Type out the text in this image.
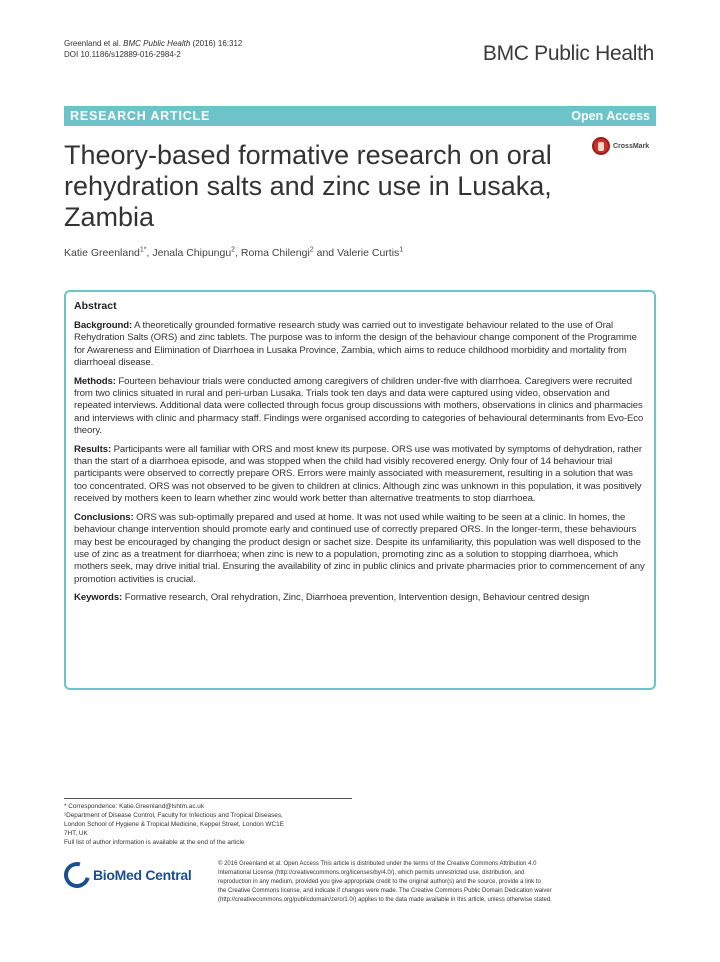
Greenland et al. BMC Public Health (2016) 16:312
DOI 10.1186/s12889-016-2984-2	BMC Public Health
RESEARCH ARTICLE	Open Access
CrossMark
Theory-based formative research on oral rehydration salts and zinc use in Lusaka, Zambia
Katie Greenland$^{1*}$, Jenala Chipungu$^2$, Roma Chilengi$^2$ and Valerie Curtis$^1$
Abstract

Background: A theoretically grounded formative research study was carried out to investigate behaviour related to the use of Oral Rehydration Salts (ORS) and zinc tablets. The purpose was to inform the design of the behaviour change component of the Programme for Awareness and Elimination of Diarrhoea in Lusaka Province, Zambia, which aims to reduce childhood morbidity and mortality from diarrhoeal disease.

Methods: Fourteen behaviour trials were conducted among caregivers of children under-five with diarrhoea. Caregivers were recruited from two clinics situated in rural and peri-urban Lusaka. Trials took ten days and data were captured using video, observation and repeated interviews. Additional data were collected through focus group discussions with mothers, observations in clinics and pharmacies and interviews with clinic and pharmacy staff. Findings were organised according to categories of behavioural determinants from Evo-Eco theory.

Results: Participants were all familiar with ORS and most knew its purpose. ORS use was motivated by symptoms of dehydration, rather than the start of a diarrhoea episode, and was stopped when the child had visibly recovered energy. Only four of 14 behaviour trial participants were observed to correctly prepare ORS. Errors were mainly associated with measurement, resulting in a solution that was too concentrated. ORS was not observed to be given to children at clinics. Although zinc was unknown in this population, it was positively received by mothers keen to learn whether zinc would work better than alternative treatments to stop diarrhoea.

Conclusions: ORS was sub-optimally prepared and used at home. It was not used while waiting to be seen at a clinic. In homes, the behaviour change intervention should promote early and continued use of correctly prepared ORS. In the longer-term, these behaviours may best be encouraged by changing the product design or sachet size. Despite its unfamiliarity, this population was well disposed to the use of zinc as a treatment for diarrhoea; when zinc is new to a population, promoting zinc as a solution to stopping diarrhoea, which mothers seek, may drive initial trial. Ensuring the availability of zinc in public clinics and private pharmacies prior to commencement of any promotion activities is crucial.

Keywords: Formative research, Oral rehydration, Zinc, Diarrhoea prevention, Intervention design, Behaviour centred design

* Correspondence: Katie.Greenland@lshtm.ac.uk
¹Department of Disease Control, Faculty for Infectious and Tropical Diseases,
London School of Hygiene & Tropical Medicine, Keppel Street, London WC1E
7HT, UK
Full list of author information is available at the end of the article
BioMed Central
© 2016 Greenland et al. Open Access This article is distributed under the terms of the Creative Commons Attribution 4.0
International License (http://creativecommons.org/licenses/by/4.0/), which permits unrestricted use, distribution, and
reproduction in any medium, provided you give appropriate credit to the original author(s) and the source, provide a link to
the Creative Commons license, and indicate if changes were made. The Creative Commons Public Domain Dedication waiver
(http://creativecommons.org/publicdomain/zero/1.0/) applies to the data made available in this article, unless otherwise stated.
